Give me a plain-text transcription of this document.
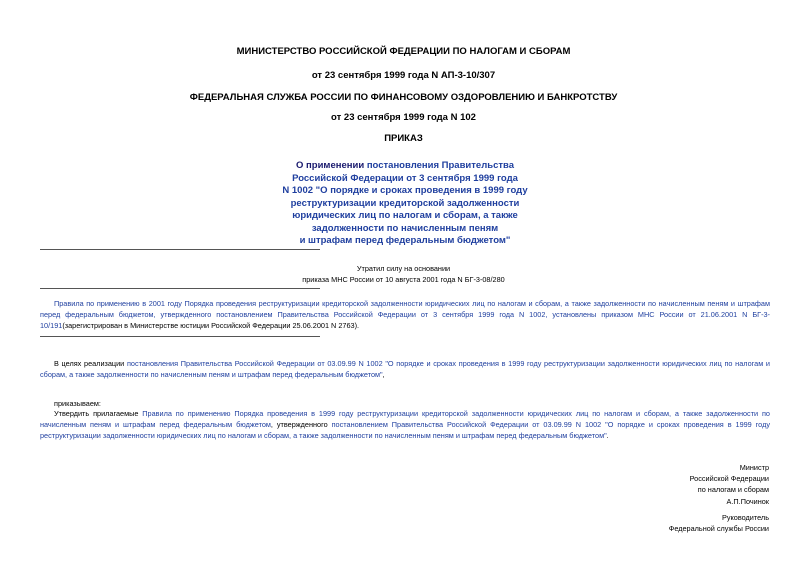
МИНИСТЕРСТВО РОССИЙСКОЙ ФЕДЕРАЦИИ ПО НАЛОГАМ И СБОРАМ
от 23 сентября 1999 года N АП-3-10/307
ФЕДЕРАЛЬНАЯ СЛУЖБА РОССИИ ПО ФИНАНСОВОМУ ОЗДОРОВЛЕНИЮ И БАНКРОТСТВУ
от 23 сентября 1999 года N 102
ПРИКАЗ
О применении постановления Правительства
Российской Федерации от 3 сентября 1999 года
N 1002 "О порядке и сроках проведения в 1999 году
реструктуризации кредиторской задолженности
юридических лиц по налогам и сборам, а также
задолженности по начисленным пеням
и штрафам перед федеральным бюджетом"
Утратил силу на основании
приказа МНС России от 10 августа 2001 года N БГ-3-08/280
Правила по применению в 2001 году Порядка проведения реструктуризации кредиторской задолженности юридических лиц по налогам и сборам, а также задолженности по начисленным пеням и штрафам перед федеральным бюджетом, утвержденного постановлением Правительства Российской Федерации от 3 сентября 1999 года N 1002, установлены приказом МНС России от 21.06.2001 N БГ-3-10/191(зарегистрирован в Министерстве юстиции Российской Федерации 25.06.2001 N 2763).
В целях реализации постановления Правительства Российской Федерации от 03.09.99 N 1002 "О порядке и сроках проведения в 1999 году реструктуризации задолженности юридических лиц по налогам и сборам, а также задолженности по начисленным пеням и штрафам перед федеральным бюджетом",
приказываем:
Утвердить прилагаемые Правила по применению Порядка проведения в 1999 году реструктуризации кредиторской задолженности юридических лиц по налогам и сборам, а также задолженности по начисленным пеням и штрафам перед федеральным бюджетом, утвержденного постановлением Правительства Российской Федерации от 03.09.99 N 1002 "О порядке и сроках проведения в 1999 году реструктуризации задолженности юридических лиц по налогам и сборам, а также задолженности по начисленным пеням и штрафам перед федеральным бюджетом".
Министр
Российской Федерации
по налогам и сборам
А.П.Починок
Руководитель
Федеральной службы России
